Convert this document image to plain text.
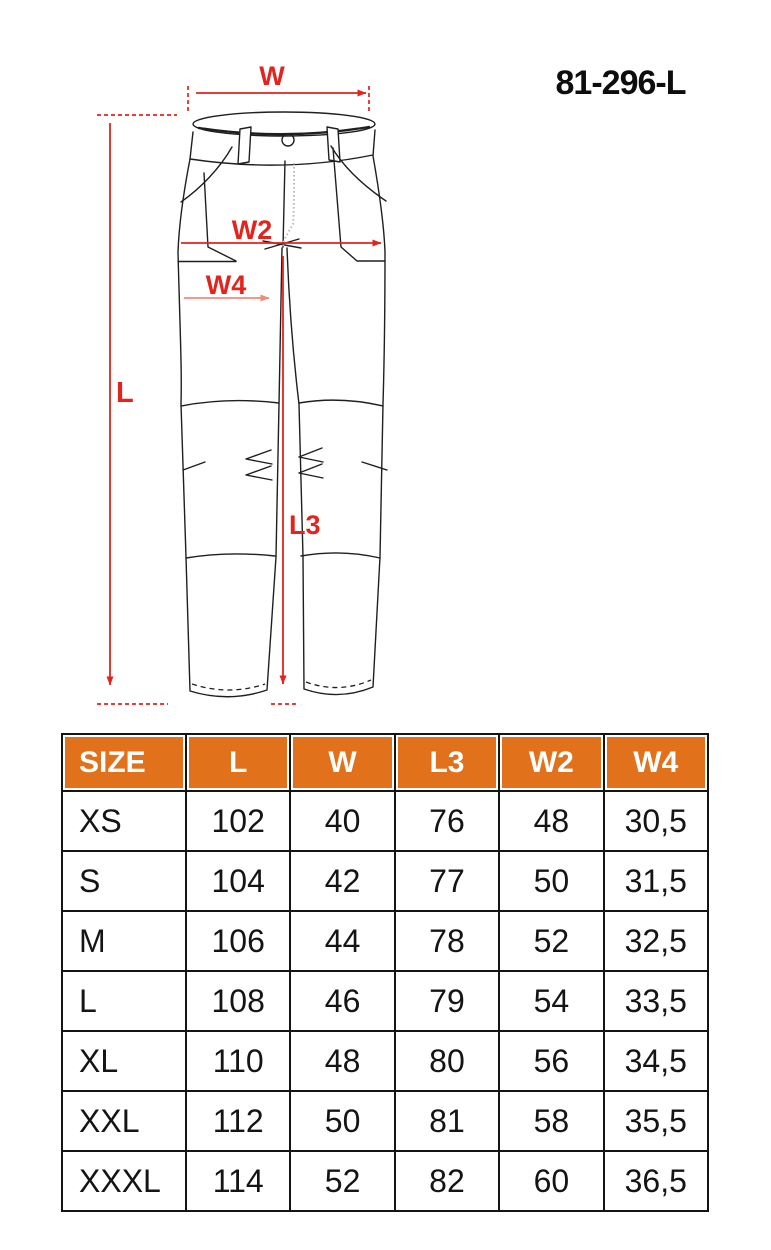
81-296-L
W
L
W2
W4
L3
SIZE	L	W	L3	W2	W4
XS	102	40	76	48	30,5
S	104	42	77	50	31,5
M	106	44	78	52	32,5
L	108	46	79	54	33,5
XL	110	48	80	56	34,5
XXL	112	50	81	58	35,5
XXXL	114	52	82	60	36,5
